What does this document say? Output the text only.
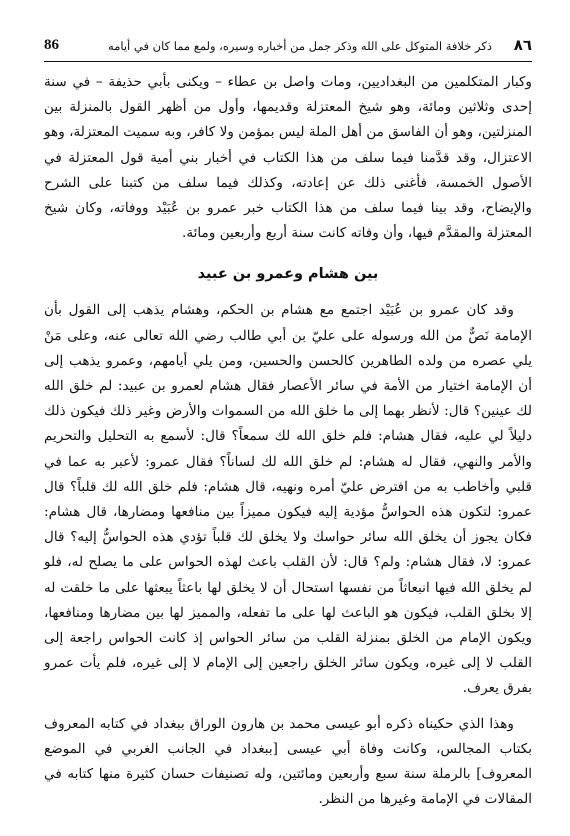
٨٦
ذكر خلافة المتوكل على الله وذكر جمل من أخباره وسيره، ولمع مما كان في أيامه
86

وكبار المتكلمين من البغداديين، ومات واصل بن عطاء – ويكنى بأبي حذيفة – في سنة إحدى وثلاثين ومائة، وهو شيخ المعتزلة وقديمها، وأول من أظهر القول بالمنزلة بين المنزلتين، وهو أن الفاسق من أهل الملة ليس بمؤمن ولا كافر، وبه سميت المعتزلة، وهو الاعتزال، وقد قدَّمنا فيما سلف من هذا الكتاب في أخبار بني أمية قول المعتزلة في الأصول الخمسة، فأغنى ذلك عن إعادته، وكذلك فيما سلف من كتبنا على الشرح والإيضاح، وقد بينا فيما سلف من هذا الكتاب خبر عمرو بن عُبَيْد ووفاته، وكان شيخ المعتزلة والمقدَّم فيها، وأن وفاته كانت سنة أربع وأربعين ومائة.

بين هشام وعمرو بن عبيد

وقد كان عمرو بن عُبَيْد اجتمع مع هشام بن الحكم، وهشام يذهب إلى القول بأن الإمامة نَصٌّ من الله ورسوله على عليّ بن أبي طالب رضي الله تعالى عنه، وعلى مَنْ يلي عصره من ولده الطاهرين كالحسن والحسين، ومن يلي أيامهم، وعمرو يذهب إلى أن الإمامة اختيار من الأمة في سائر الأعصار فقال هشام لعمرو بن عبيد: لم خلق الله لك عينين؟ قال: لأنظر بهما إلى ما خلق الله من السموات والأرض وغير ذلك فيكون ذلك دليلاً لي عليه، فقال هشام: فلم خلق الله لك سمعاً؟ قال: لأسمع به التحليل والتحريم والأمر والنهي، فقال له هشام: لم خلق الله لك لساناً؟ فقال عمرو: لأعبر به عما في قلبي وأخاطب به من افترض عليّ أمره ونهيه، قال هشام: فلم خلق الله لك قلباً؟ قال عمرو: لتكون هذه الحواسُّ مؤدية إليه فيكون مميزاً بين منافعها ومضارها، قال هشام: فكان يجوز أن يخلق الله سائر حواسك ولا يخلق لك قلباً تؤدي هذه الحواسُّ إليه؟ قال عمرو: لا، فقال هشام: ولم؟ قال: لأن القلب باعث لهذه الحواس على ما يصلح له، فلو لم يخلق الله فيها انبعاثاً من نفسها استحال أن لا يخلق لها باعثاً يبعثها على ما خلقت له إلا بخلق القلب، فيكون هو الباعث لها على ما تفعله، والمميز لها بين مضارها ومنافعها، ويكون الإمام من الخلق بمنزلة القلب من سائر الحواس إذ كانت الحواس راجعة إلى القلب لا إلى غيره، ويكون سائر الخلق راجعين إلى الإمام لا إلى غيره، فلم يأت عمرو بفرق يعرف.

وهذا الذي حكيناه ذكره أبو عيسى محمد بن هارون الوراق ببغداد في كتابه المعروف بكتاب المجالس، وكانت وفاة أبي عيسى [ببغداد في الجانب الغربي في الموضع المعروف] بالرملة سنة سبع وأربعين ومائتين، وله تصنيفات حسان كثيرة منها كتابه في المقالات في الإمامة وغيرها من النظر.
